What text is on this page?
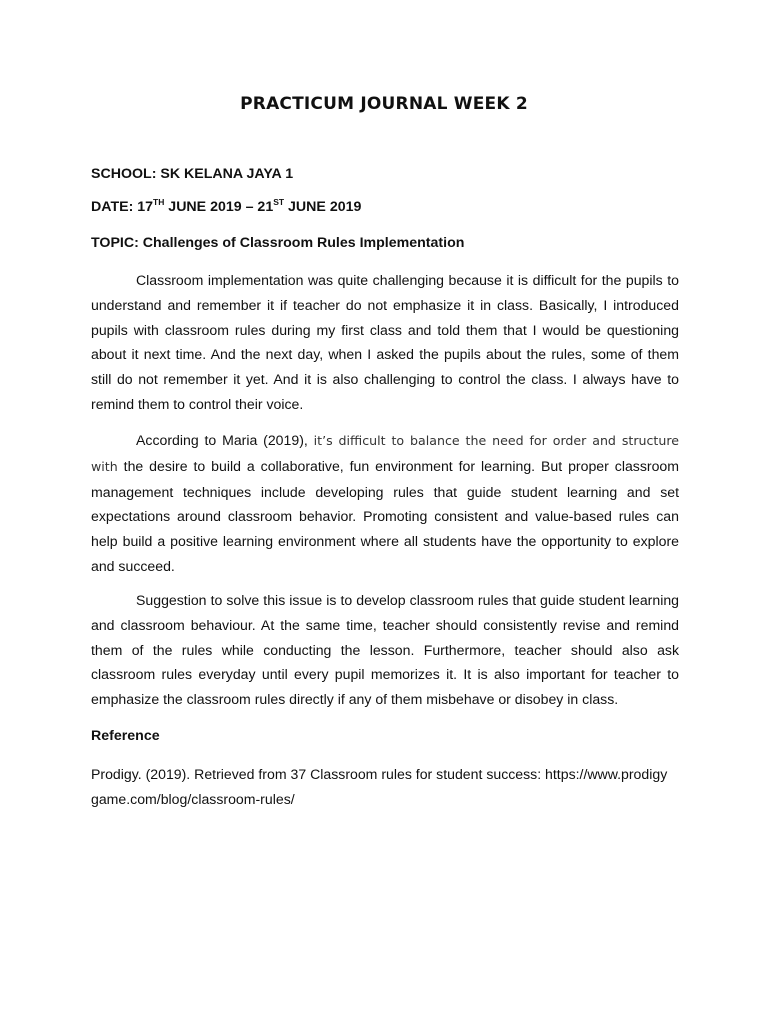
PRACTICUM JOURNAL WEEK 2
SCHOOL: SK KELANA JAYA 1
DATE: 17TH JUNE 2019 – 21ST JUNE 2019
TOPIC: Challenges of Classroom Rules Implementation
Classroom implementation was quite challenging because it is difficult for the pupils to understand and remember it if teacher do not emphasize it in class. Basically, I introduced pupils with classroom rules during my first class and told them that I would be questioning about it next time. And the next day, when I asked the pupils about the rules, some of them still do not remember it yet. And it is also challenging to control the class. I always have to remind them to control their voice.
According to Maria (2019), it’s difficult to balance the need for order and structure with the desire to build a collaborative, fun environment for learning. But proper classroom management techniques include developing rules that guide student learning and set expectations around classroom behavior. Promoting consistent and value-based rules can help build a positive learning environment where all students have the opportunity to explore and succeed.
Suggestion to solve this issue is to develop classroom rules that guide student learning and classroom behaviour. At the same time, teacher should consistently revise and remind them of the rules while conducting the lesson. Furthermore, teacher should also ask classroom rules everyday until every pupil memorizes it. It is also important for teacher to emphasize the classroom rules directly if any of them misbehave or disobey in class.
Reference
Prodigy. (2019). Retrieved from 37 Classroom rules for student success: https://www.prodigy
game.com/blog/classroom-rules/
